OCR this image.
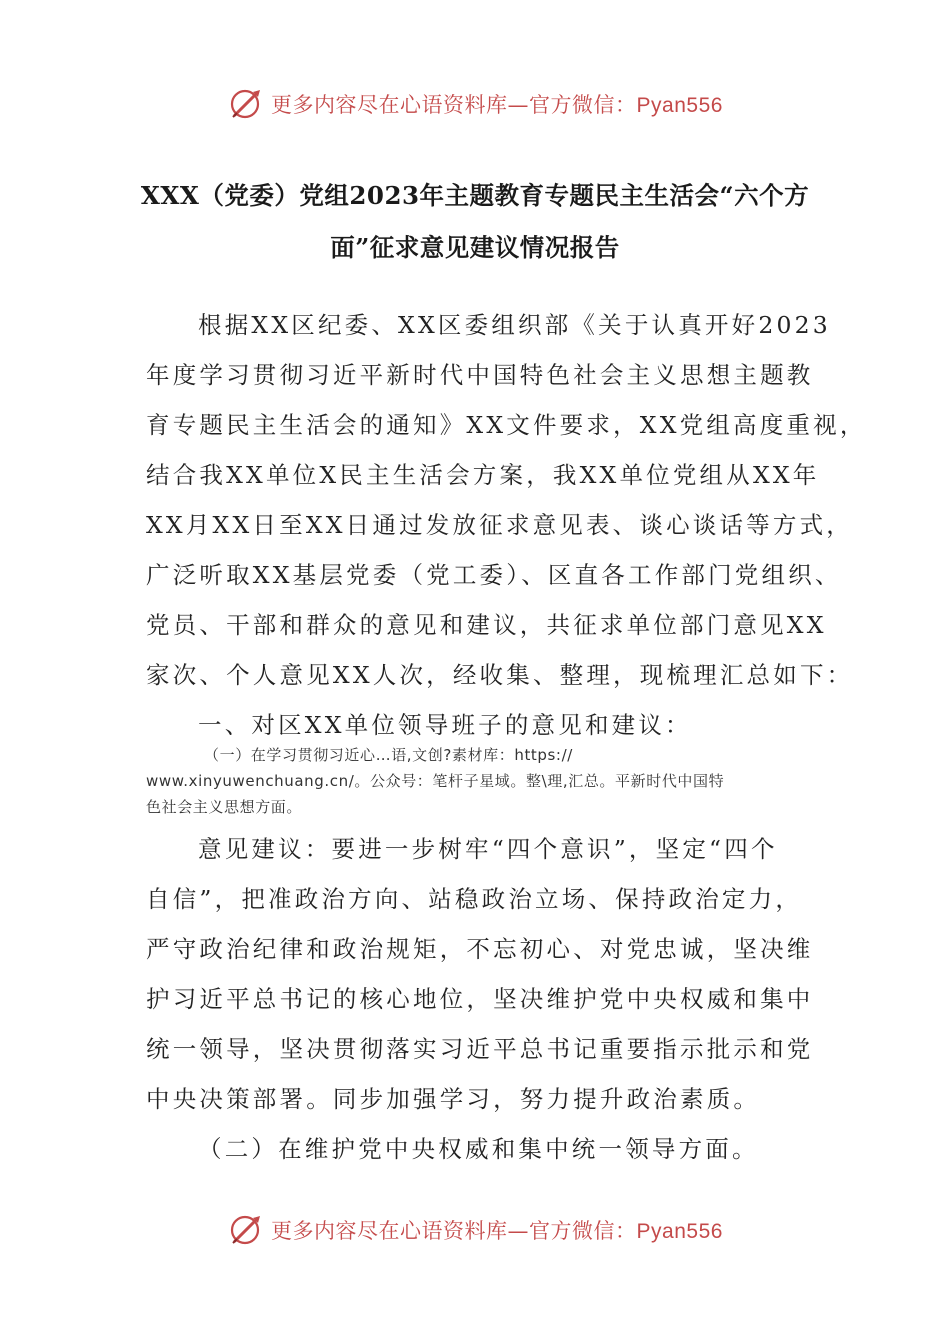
更多内容尽在心语资料库—官方微信：Pyan556
XXX（党委）党组2023年主题教育专题民主生活会“六个方
面”征求意见建议情况报告
根据XX区纪委、XX区委组织部《关于认真开好2023
年度学习贯彻习近平新时代中国特色社会主义思想主题教
育专题民主生活会的通知》XX文件要求，XX党组高度重视，
结合我XX单位X民主生活会方案，我XX单位党组从XX年
XX月XX日至XX日通过发放征求意见表、谈心谈话等方式，
广泛听取XX基层党委（党工委）、区直各工作部门党组织、
党员、干部和群众的意见和建议，共征求单位部门意见XX
家次、个人意见XX人次，经收集、整理，现梳理汇总如下：
一、对区XX单位领导班子的意见和建议：
（一）在学习贯彻习近心…语,文创?素材库：https://
www.xinyuwenchuang.cn/。公众号：笔杆子星域。整\理,汇总。平新时代中国特
色社会主义思想方面。
意见建议：要进一步树牢“四个意识”，坚定“四个
自信”，把准政治方向、站稳政治立场、保持政治定力，
严守政治纪律和政治规矩，不忘初心、对党忠诚，坚决维
护习近平总书记的核心地位，坚决维护党中央权威和集中
统一领导，坚决贯彻落实习近平总书记重要指示批示和党
中央决策部署。同步加强学习，努力提升政治素质。
（二）在维护党中央权威和集中统一领导方面。
更多内容尽在心语资料库—官方微信：Pyan556
